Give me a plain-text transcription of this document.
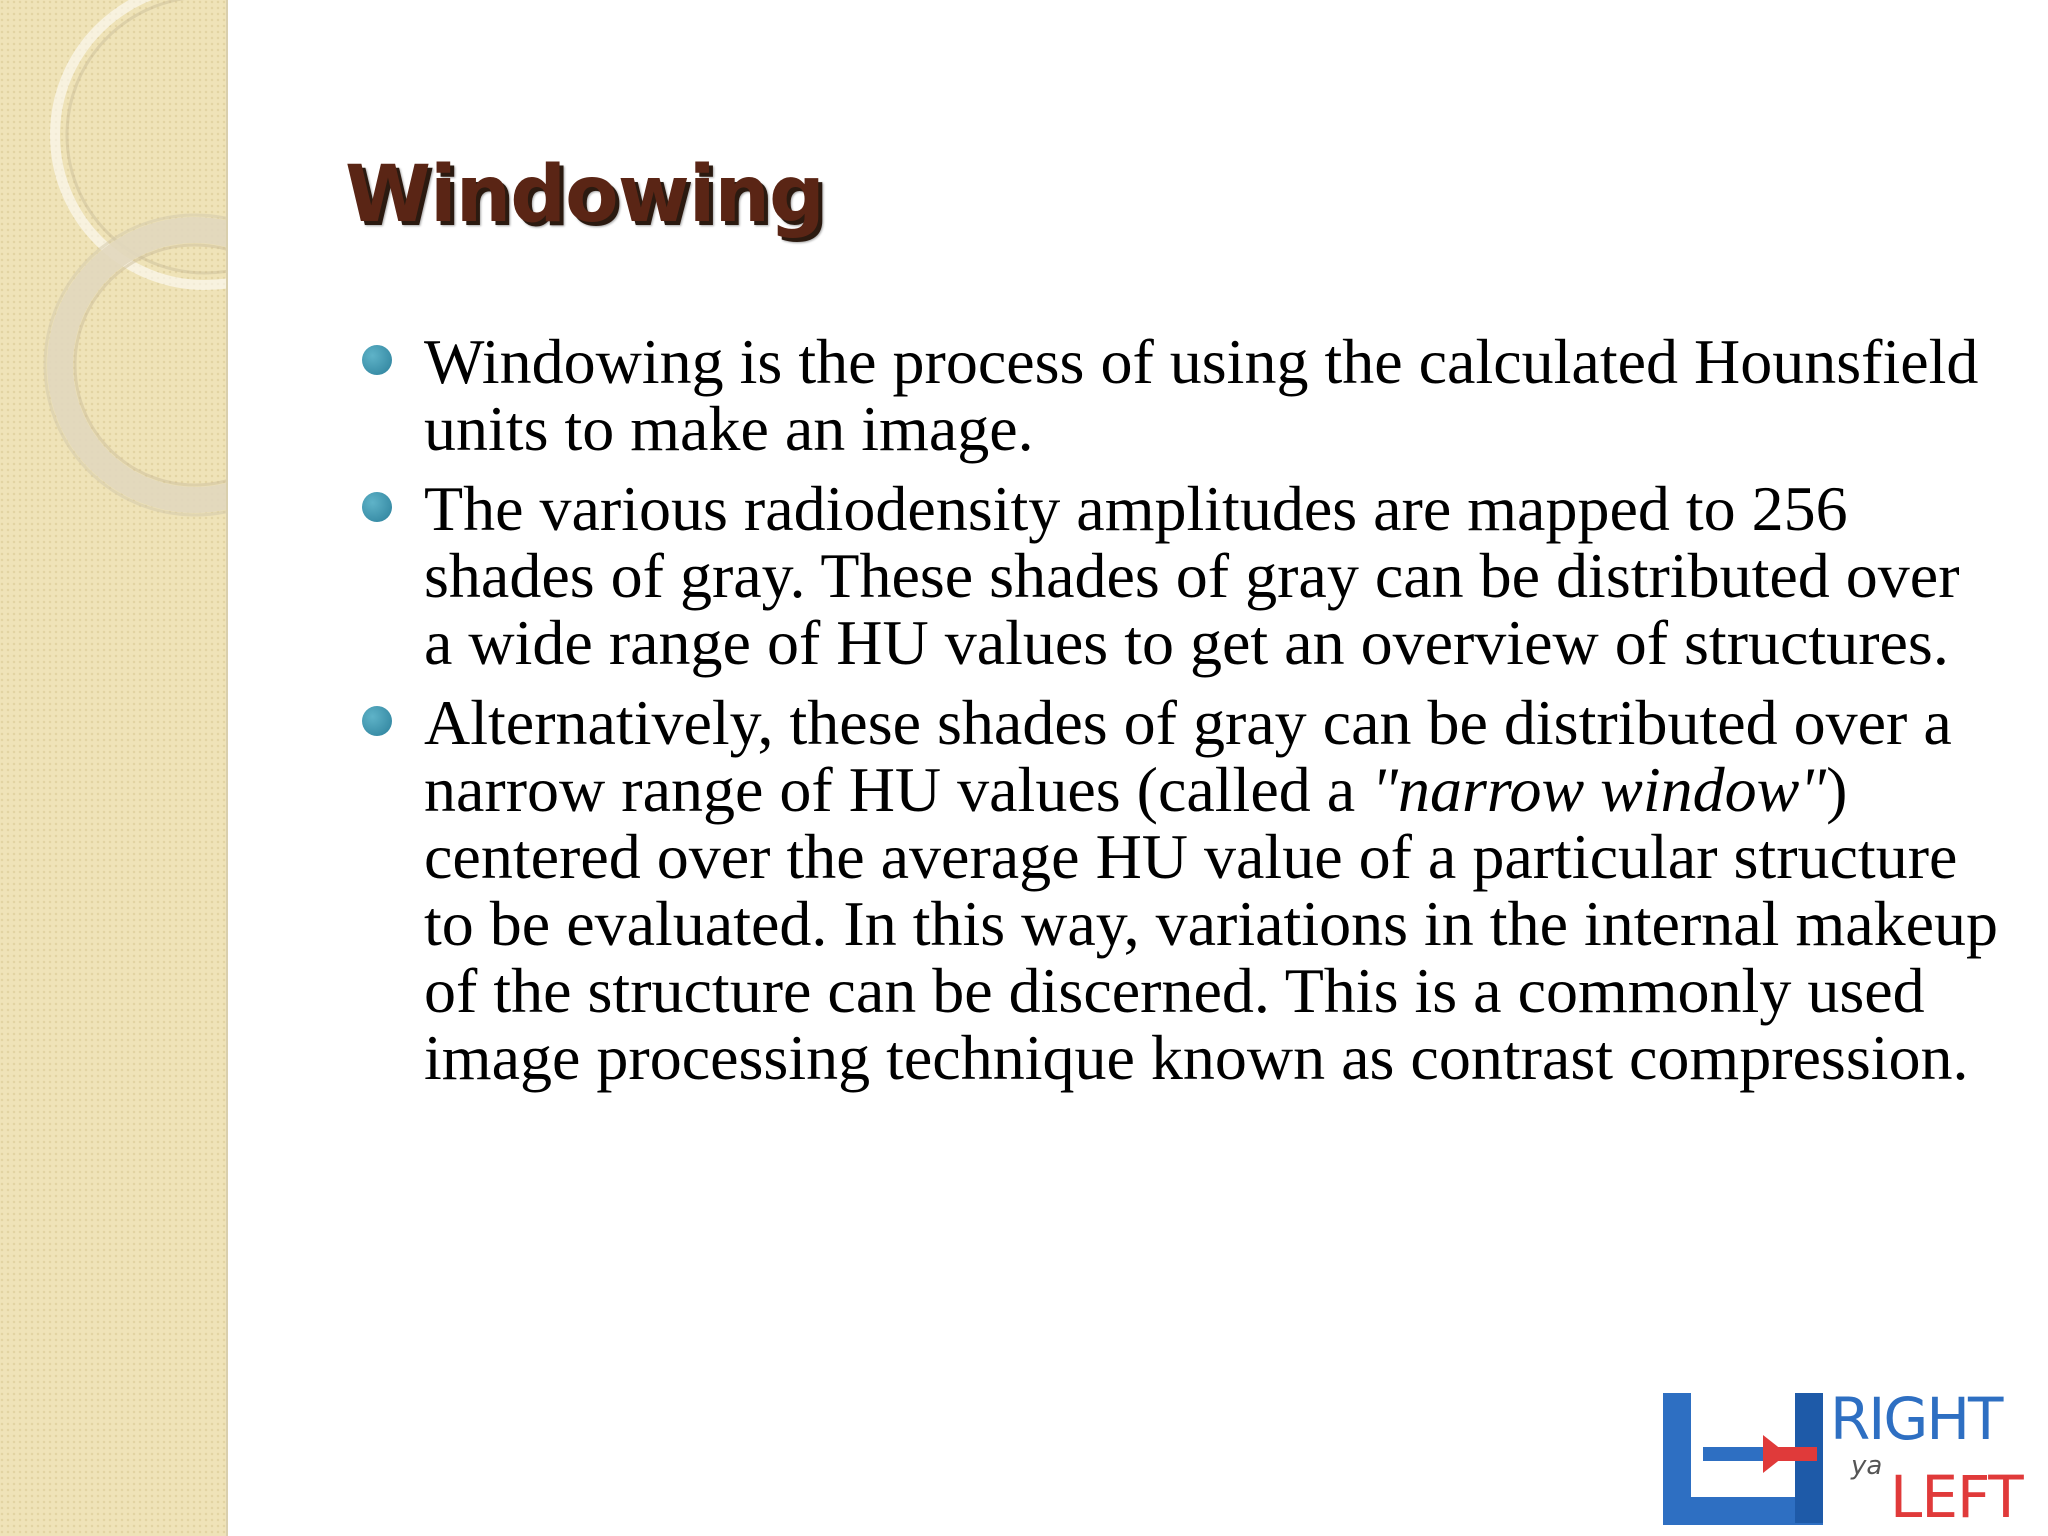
Windowing
Windowing is the process of using the calculated Hounsfield units to make an image.
The various radiodensity amplitudes are mapped to 256 shades of gray. These shades of gray can be distributed over a wide range of HU values to get an overview of structures.
Alternatively, these shades of gray can be distributed over a narrow range of HU values (called a "narrow window") centered over the average HU value of a particular structure to be evaluated. In this way, variations in the internal makeup of the structure can be discerned. This is a commonly used image processing technique known as contrast compression.
RIGHT
ya LEFT
